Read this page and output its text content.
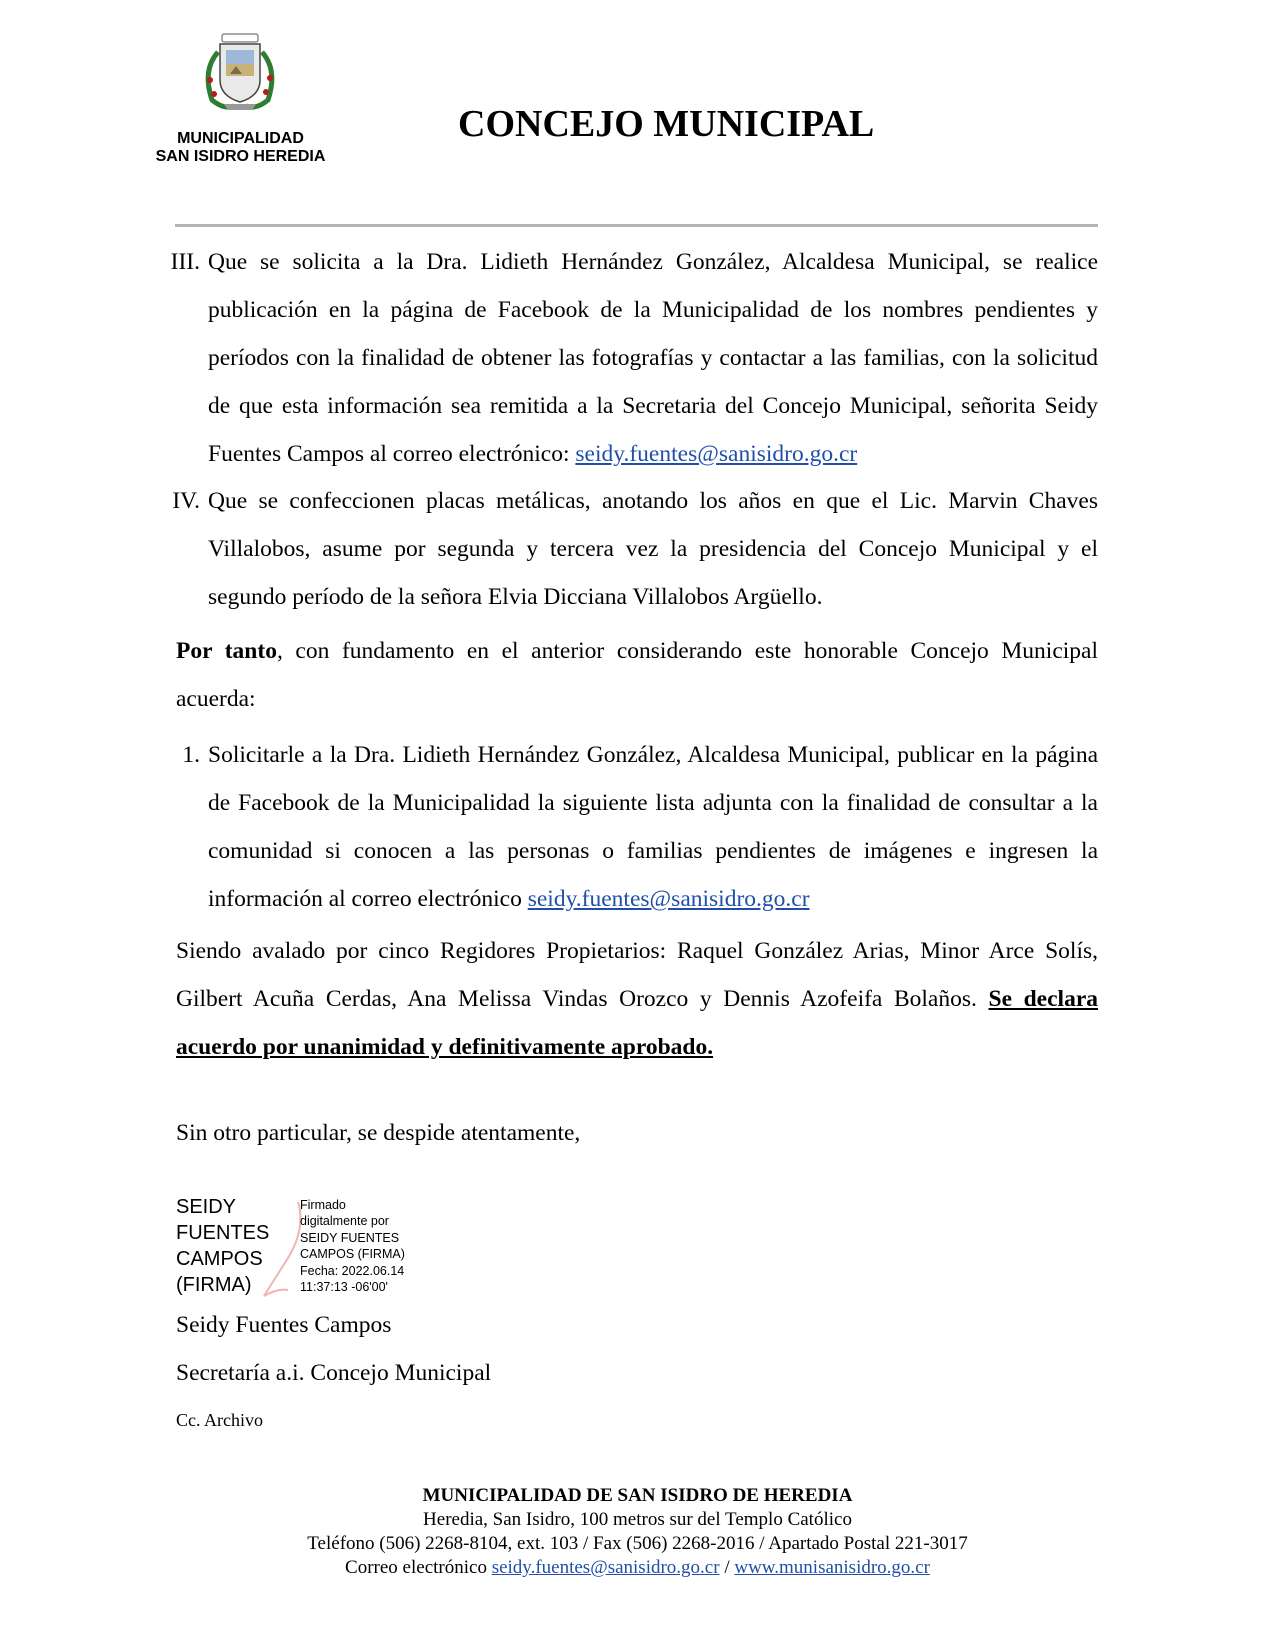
MUNICIPALIDAD
SAN ISIDRO HEREDIA
CONCEJO MUNICIPAL
III. Que se solicita a la Dra. Lidieth Hernández González, Alcaldesa Municipal, se realice publicación en la página de Facebook de la Municipalidad de los nombres pendientes y períodos con la finalidad de obtener las fotografías y contactar a las familias, con la solicitud de que esta información sea remitida a la Secretaria del Concejo Municipal, señorita Seidy Fuentes Campos al correo electrónico: seidy.fuentes@sanisidro.go.cr

IV. Que se confeccionen placas metálicas, anotando los años en que el Lic. Marvin Chaves Villalobos, asume por segunda y tercera vez la presidencia del Concejo Municipal y el segundo período de la señora Elvia Dicciana Villalobos Argüello.

Por tanto, con fundamento en el anterior considerando este honorable Concejo Municipal acuerda:

1. Solicitarle a la Dra. Lidieth Hernández González, Alcaldesa Municipal, publicar en la página de Facebook de la Municipalidad la siguiente lista adjunta con la finalidad de consultar a la comunidad si conocen a las personas o familias pendientes de imágenes e ingresen la información al correo electrónico seidy.fuentes@sanisidro.go.cr

Siendo avalado por cinco Regidores Propietarios: Raquel González Arias, Minor Arce Solís, Gilbert Acuña Cerdas, Ana Melissa Vindas Orozco y Dennis Azofeifa Bolaños. Se declara acuerdo por unanimidad y definitivamente aprobado.

Sin otro particular, se despide atentamente,
SEIDY
FUENTES
CAMPOS
(FIRMA)
Firmado
digitalmente por
SEIDY FUENTES
CAMPOS (FIRMA)
Fecha: 2022.06.14
11:37:13 -06'00'
Seidy Fuentes Campos
Secretaría a.i. Concejo Municipal
Cc. Archivo
MUNICIPALIDAD DE SAN ISIDRO DE HEREDIA
Heredia, San Isidro, 100 metros sur del Templo Católico
Teléfono (506) 2268-8104, ext. 103 / Fax (506) 2268-2016 / Apartado Postal 221-3017
Correo electrónico seidy.fuentes@sanisidro.go.cr / www.munisanisidro.go.cr
